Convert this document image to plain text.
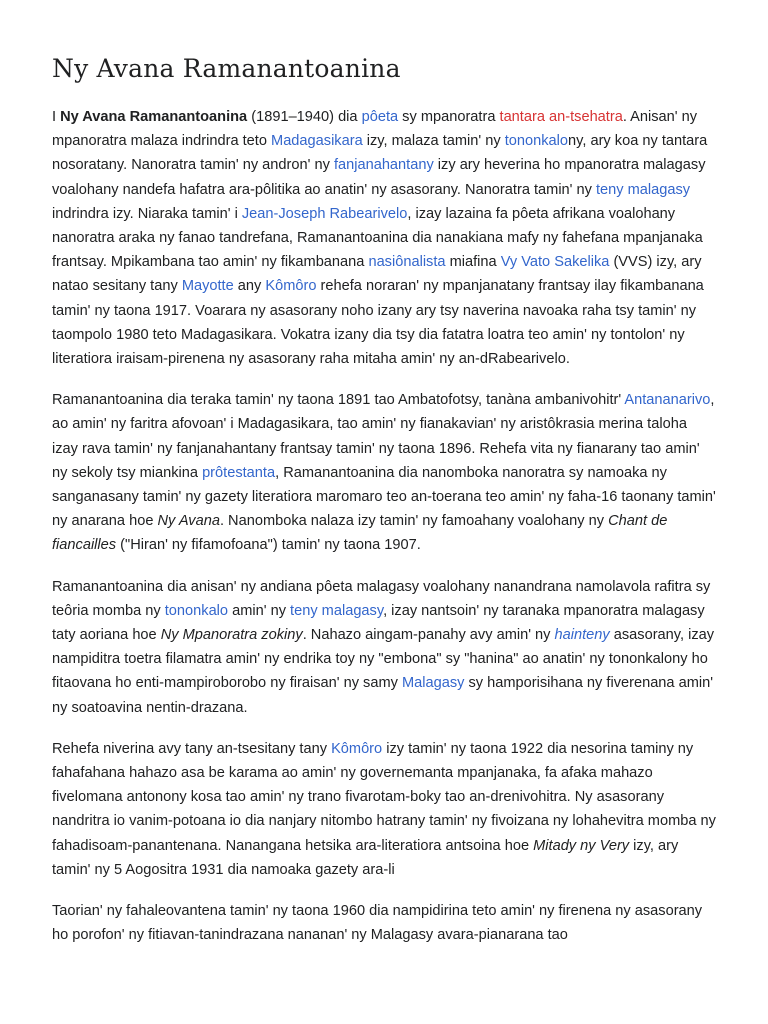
Ny Avana Ramanantoanina

I Ny Avana Ramanantoanina (1891–1940) dia pôeta sy mpanoratra tantara an-tsehatra. Anisan' ny mpanoratra malaza indrindra teto Madagasikara izy, malaza tamin' ny tononkalony, ary koa ny tantara nosoratany. Nanoratra tamin' ny andron' ny fanjanahantany izy ary heverina ho mpanoratra malagasy voalohany nandefa hafatra ara-pôlitika ao anatin' ny asasorany. Nanoratra tamin' ny teny malagasy indrindra izy. Niaraka tamin' i Jean-Joseph Rabearivelo, izay lazaina fa pôeta afrikana voalohany nanoratra araka ny fanao tandrefana, Ramanantoanina dia nanakiana mafy ny fahefana mpanjanaka frantsay. Mpikambana tao amin' ny fikambanana nasiônalista miafina Vy Vato Sakelika (VVS) izy, ary natao sesitany tany Mayotte any Kômôro rehefa noraran' ny mpanjanatany frantsay ilay fikambanana tamin' ny taona 1917. Voarara ny asasorany noho izany ary tsy naverina navoaka raha tsy tamin' ny taompolo 1980 teto Madagasikara. Vokatra izany dia tsy dia fatatra loatra teo amin' ny tontolon' ny literatiora iraisam-pirenena ny asasorany raha mitaha amin' ny an-dRabearivelo.

Ramanantoanina dia teraka tamin' ny taona 1891 tao Ambatofotsy, tanàna ambanivohitr' Antananarivo, ao amin' ny faritra afovoan' i Madagasikara, tao amin' ny fianakavian' ny aristôkrasia merina taloha izay rava tamin' ny fanjanahantany frantsay tamin' ny taona 1896. Rehefa vita ny fianarany tao amin' ny sekoly tsy miankina prôtestanta, Ramanantoanina dia nanomboka nanoratra sy namoaka ny sanganasany tamin' ny gazety literatiora maromaro teo an-toerana teo amin' ny faha-16 taonany tamin' ny anarana hoe Ny Avana. Nanomboka nalaza izy tamin' ny famoahany voalohany ny Chant de fiancailles ("Hiran' ny fifamofoana") tamin' ny taona 1907.

Ramanantoanina dia anisan' ny andiana pôeta malagasy voalohany nanandrana namolavola rafitra sy teôria momba ny tononkalo amin' ny teny malagasy, izay nantsoin' ny taranaka mpanoratra malagasy taty aoriana hoe Ny Mpanoratra zokiny. Nahazo aingam-panahy avy amin' ny hainteny asasorany, izay nampiditra toetra filamatra amin' ny endrika toy ny "embona" sy "hanina" ao anatin' ny tononkalony ho fitaovana ho enti-mampiroborobo ny firaisan' ny samy Malagasy sy hamporisihana ny fiverenana amin' ny soatoavina nentin-drazana.

Rehefa niverina avy tany an-tsesitany tany Kômôro izy tamin' ny taona 1922 dia nesorina taminy ny fahafahana hahazo asa be karama ao amin' ny governemanta mpanjanaka, fa afaka mahazo fivelomana antonony kosa tao amin' ny trano fivarotam-boky tao an-drenivohitra. Ny asasorany nandritra io vanim-potoana io dia nanjary nitombo hatrany tamin' ny fivoizana ny lohahevitra momba ny fahadisoam-panantenana. Nanangana hetsika ara-literatiora antsoina hoe Mitady ny Very izy, ary tamin' ny 5 Aogositra 1931 dia namoaka gazety ara-li

Taorian' ny fahaleovantena tamin' ny taona 1960 dia nampidirina teto amin' ny firenena ny asasorany ho porofon' ny fitiavan-tanindrazana nananan' ny Malagasy avara-pianarana tao
